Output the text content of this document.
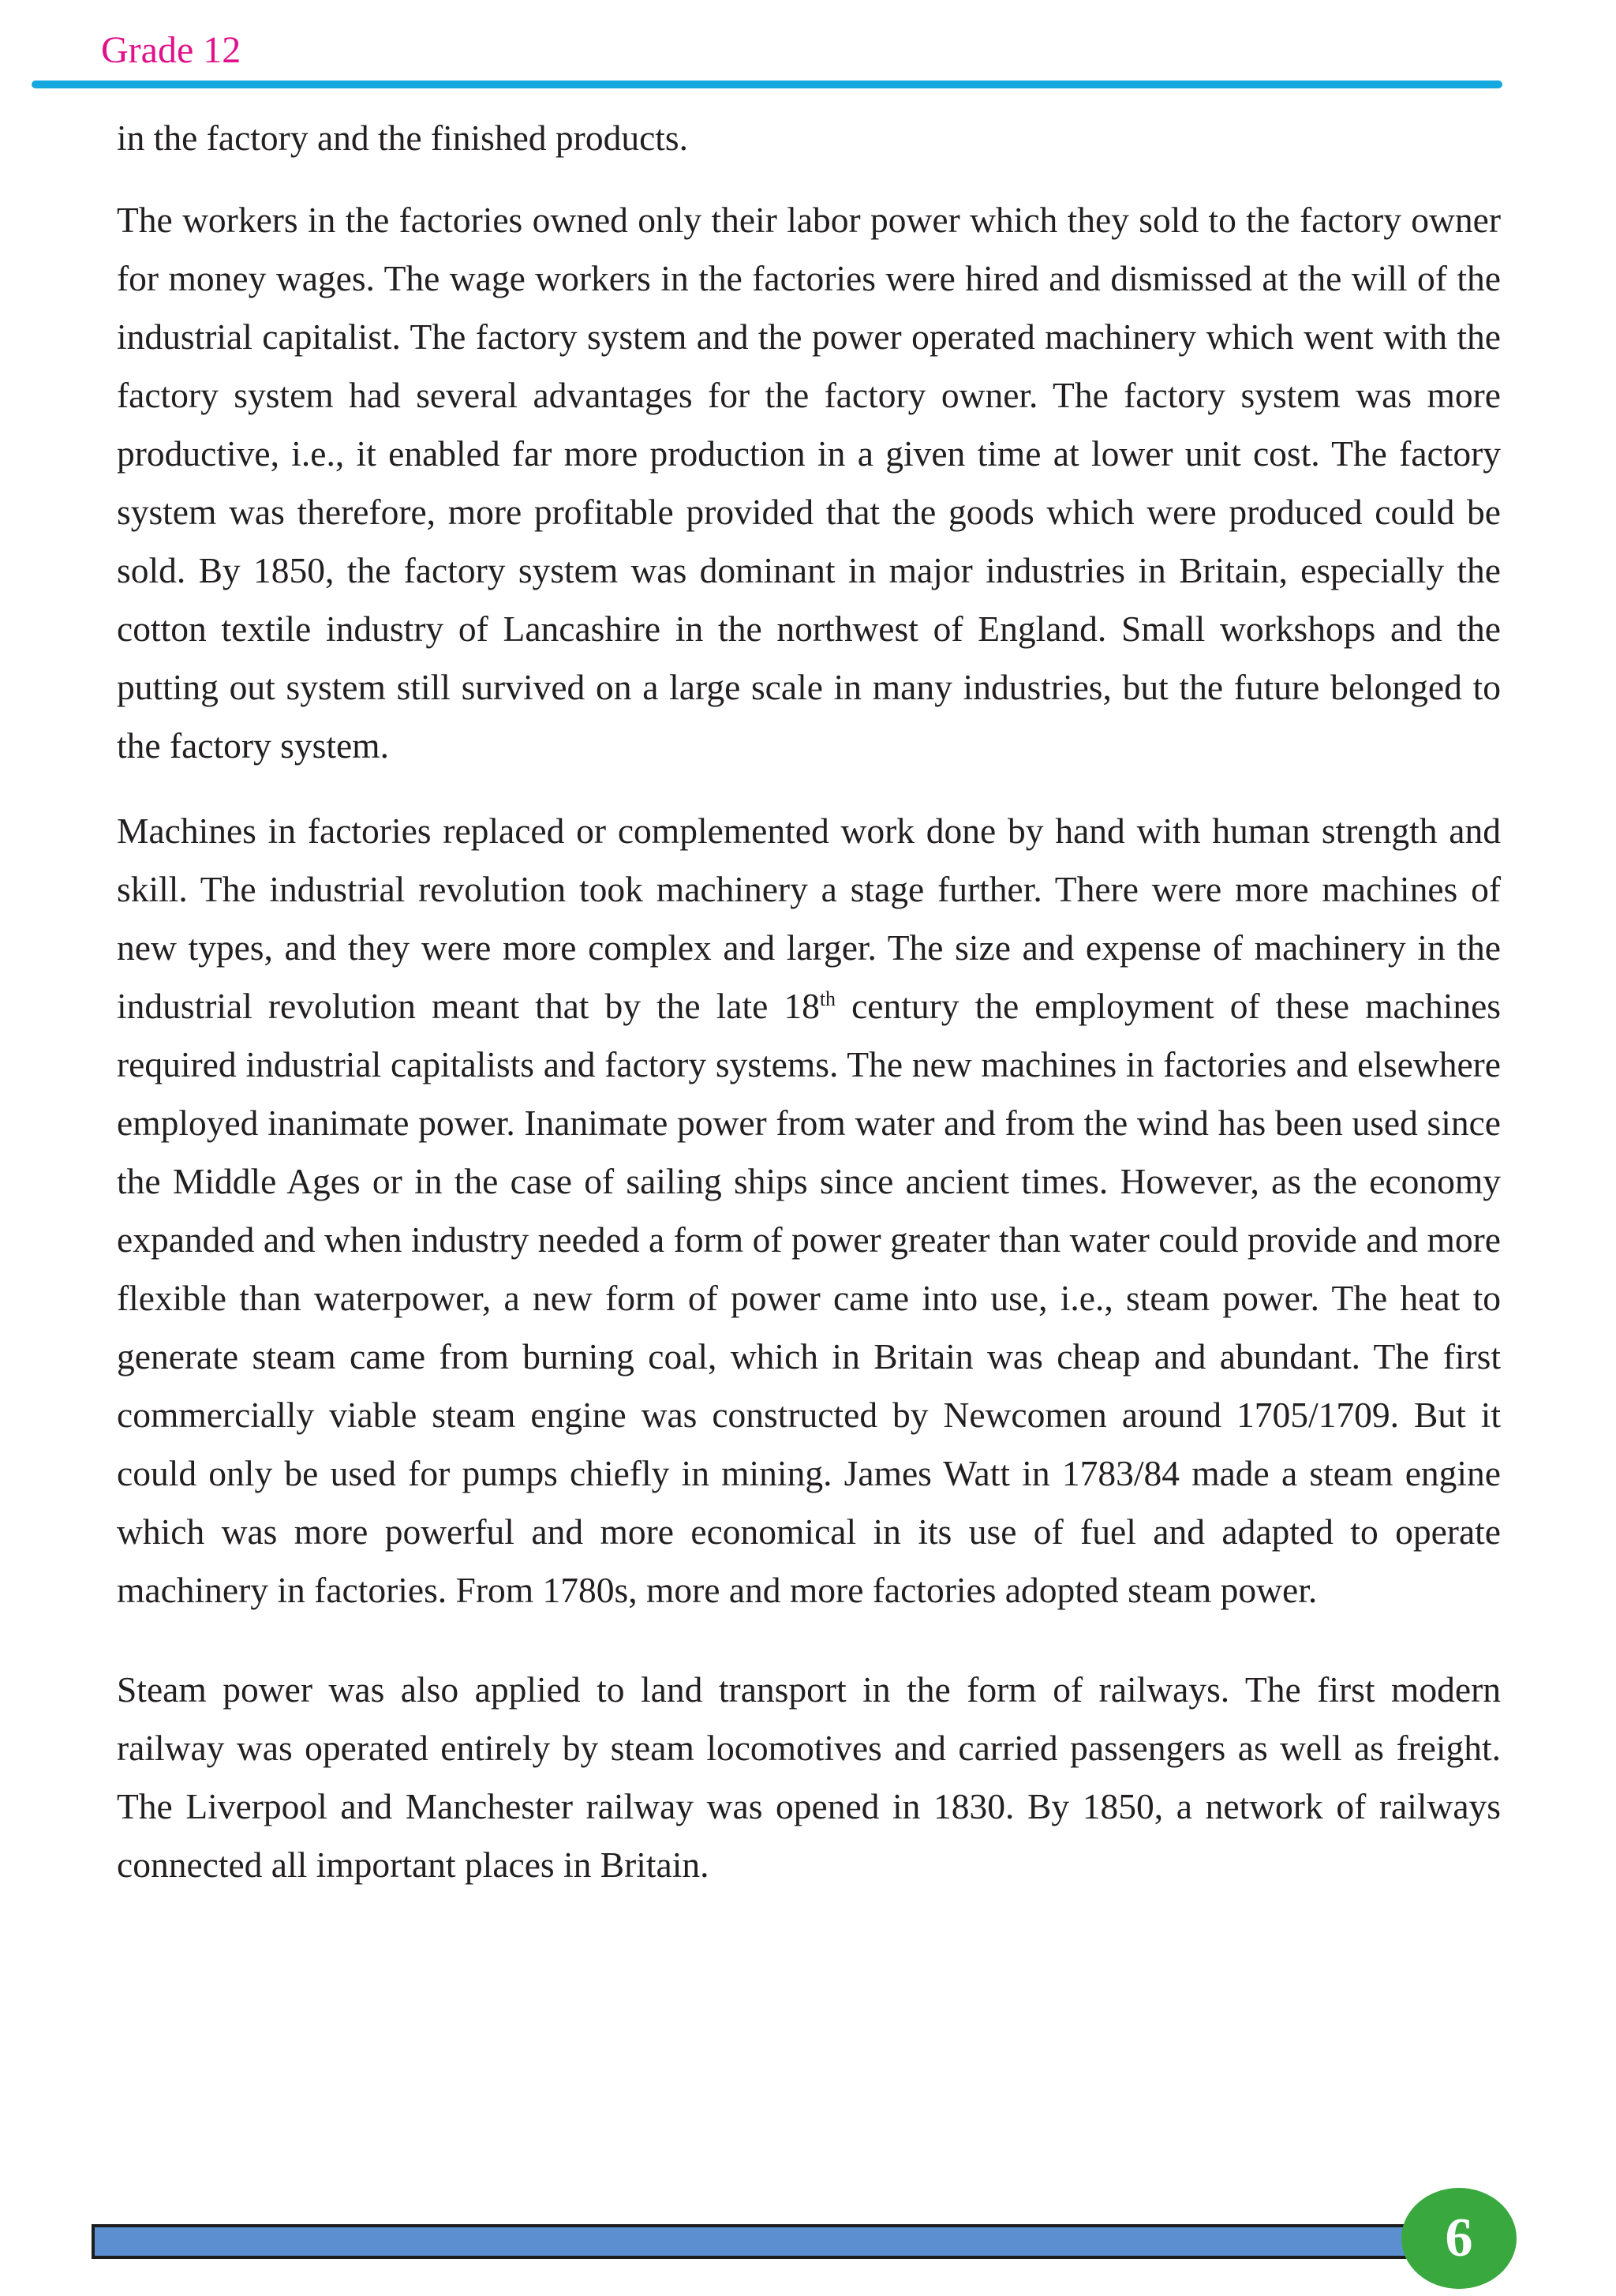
Grade 12

in the factory and the finished products.

The workers in the factories owned only their labor power which they sold to the factory owner for money wages. The wage workers in the factories were hired and dismissed at the will of the industrial capitalist. The factory system and the power operated machinery which went with the factory system had several advantages for the factory owner. The factory system was more productive, i.e., it enabled far more production in a given time at lower unit cost. The factory system was therefore, more profitable provided that the goods which were produced could be sold. By 1850, the factory system was dominant in major industries in Britain, especially the cotton textile industry of Lancashire in the northwest of England. Small workshops and the putting out system still survived on a large scale in many industries, but the future belonged to the factory system.

Machines in factories replaced or complemented work done by hand with human strength and skill. The industrial revolution took machinery a stage further. There were more machines of new types, and they were more complex and larger. The size and expense of machinery in the industrial revolution meant that by the late 18th century the employment of these machines required industrial capitalists and factory systems. The new machines in factories and elsewhere employed inanimate power. Inanimate power from water and from the wind has been used since the Middle Ages or in the case of sailing ships since ancient times. However, as the economy expanded and when industry needed a form of power greater than water could provide and more flexible than waterpower, a new form of power came into use, i.e., steam power. The heat to generate steam came from burning coal, which in Britain was cheap and abundant. The first commercially viable steam engine was constructed by Newcomen around 1705/1709. But it could only be used for pumps chiefly in mining. James Watt in 1783/84 made a steam engine which was more powerful and more economical in its use of fuel and adapted to operate machinery in factories. From 1780s, more and more factories adopted steam power.

Steam power was also applied to land transport in the form of railways. The first modern railway was operated entirely by steam locomotives and carried passengers as well as freight. The Liverpool and Manchester railway was opened in 1830. By 1850, a network of railways connected all important places in Britain.

6
